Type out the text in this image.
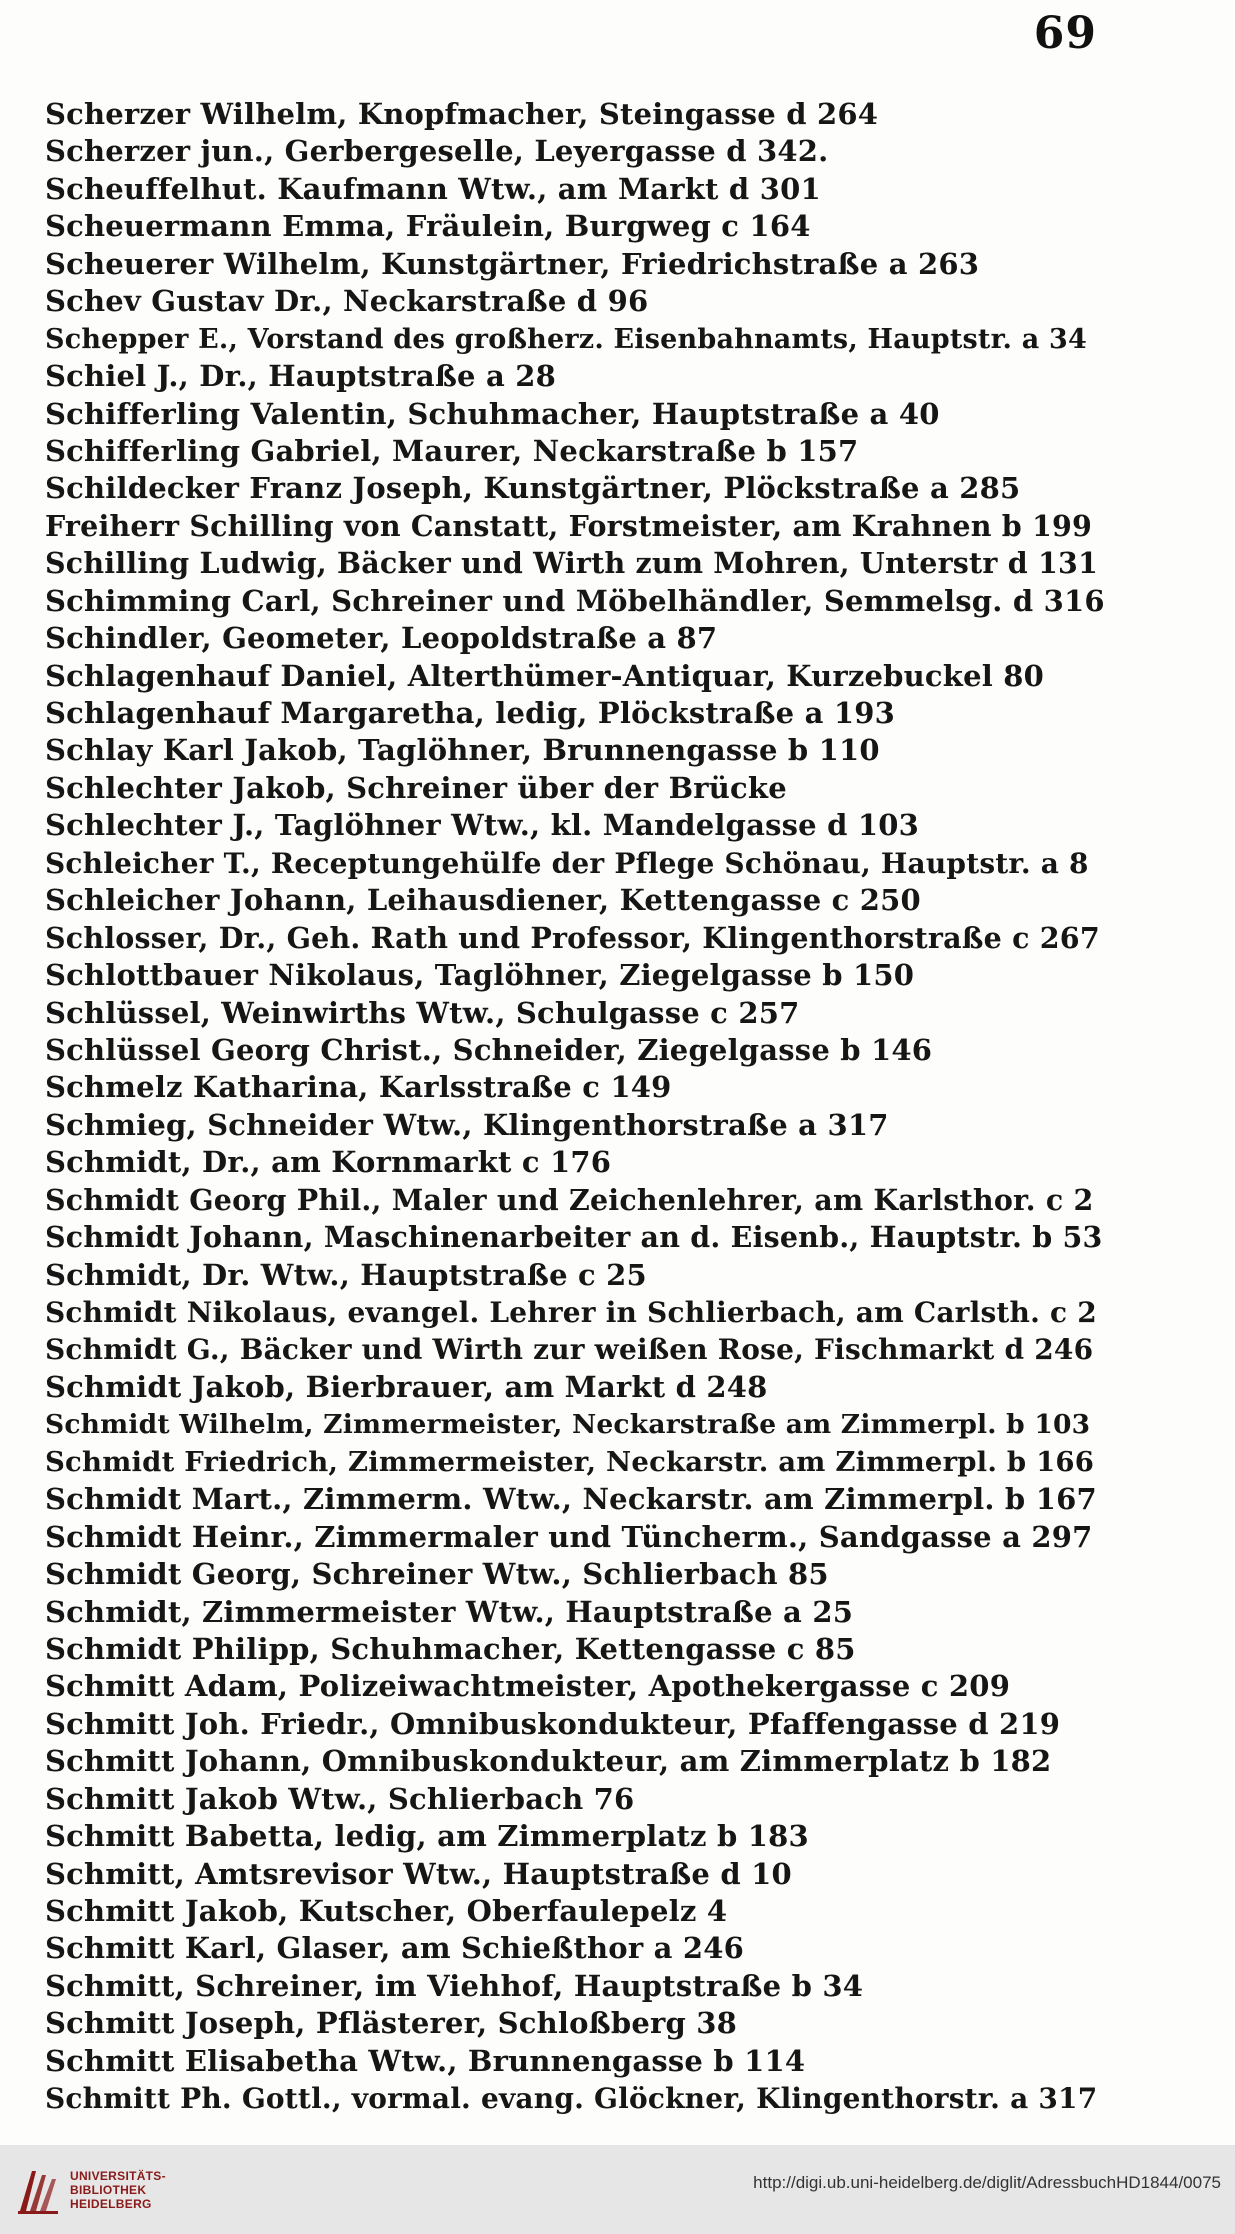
69
Scherzer Wilhelm, Knopfmacher, Steingasse d 264
Scherzer jun., Gerbergeselle, Leyergasse d 342.
Scheuffelhut. Kaufmann Wtw., am Markt d 301
Scheuermann Emma, Fräulein, Burgweg c 164
Scheuerer Wilhelm, Kunstgärtner, Friedrichstraße a 263
Schev Gustav Dr., Neckarstraße d 96
Schepper E., Vorstand des großherz. Eisenbahnamts, Hauptstr. a 34
Schiel J., Dr., Hauptstraße a 28
Schifferling Valentin, Schuhmacher, Hauptstraße a 40
Schifferling Gabriel, Maurer, Neckarstraße b 157
Schildecker Franz Joseph, Kunstgärtner, Plöckstraße a 285
Freiherr Schilling von Canstatt, Forstmeister, am Krahnen b 199
Schilling Ludwig, Bäcker und Wirth zum Mohren, Unterstr d 131
Schimming Carl, Schreiner und Möbelhändler, Semmelsg. d 316
Schindler, Geometer, Leopoldstraße a 87
Schlagenhauf Daniel, Alterthümer-Antiquar, Kurzebuckel 80
Schlagenhauf Margaretha, ledig, Plöckstraße a 193
Schlay Karl Jakob, Taglöhner, Brunnengasse b 110
Schlechter Jakob, Schreiner über der Brücke
Schlechter J., Taglöhner Wtw., kl. Mandelgasse d 103
Schleicher T., Receptungehülfe der Pflege Schönau, Hauptstr. a 8
Schleicher Johann, Leihausdiener, Kettengasse c 250
Schlosser, Dr., Geh. Rath und Professor, Klingenthorstraße c 267
Schlottbauer Nikolaus, Taglöhner, Ziegelgasse b 150
Schlüssel, Weinwirths Wtw., Schulgasse c 257
Schlüssel Georg Christ., Schneider, Ziegelgasse b 146
Schmelz Katharina, Karlsstraße c 149
Schmieg, Schneider Wtw., Klingenthorstraße a 317
Schmidt, Dr., am Kornmarkt c 176
Schmidt Georg Phil., Maler und Zeichenlehrer, am Karlsthor. c 2
Schmidt Johann, Maschinenarbeiter an d. Eisenb., Hauptstr. b 53
Schmidt, Dr. Wtw., Hauptstraße c 25
Schmidt Nikolaus, evangel. Lehrer in Schlierbach, am Carlsth. c 2
Schmidt G., Bäcker und Wirth zur weißen Rose, Fischmarkt d 246
Schmidt Jakob, Bierbrauer, am Markt d 248
Schmidt Wilhelm, Zimmermeister, Neckarstraße am Zimmerpl. b 103
Schmidt Friedrich, Zimmermeister, Neckarstr. am Zimmerpl. b 166
Schmidt Mart., Zimmerm. Wtw., Neckarstr. am Zimmerpl. b 167
Schmidt Heinr., Zimmermaler und Tüncherm., Sandgasse a 297
Schmidt Georg, Schreiner Wtw., Schlierbach 85
Schmidt, Zimmermeister Wtw., Hauptstraße a 25
Schmidt Philipp, Schuhmacher, Kettengasse c 85
Schmitt Adam, Polizeiwachtmeister, Apothekergasse c 209
Schmitt Joh. Friedr., Omnibuskondukteur, Pfaffengasse d 219
Schmitt Johann, Omnibuskondukteur, am Zimmerplatz b 182
Schmitt Jakob Wtw., Schlierbach 76
Schmitt Babetta, ledig, am Zimmerplatz b 183
Schmitt, Amtsrevisor Wtw., Hauptstraße d 10
Schmitt Jakob, Kutscher, Oberfaulepelz 4
Schmitt Karl, Glaser, am Schießthor a 246
Schmitt, Schreiner, im Viehhof, Hauptstraße b 34
Schmitt Joseph, Pflästerer, Schloßberg 38
Schmitt Elisabetha Wtw., Brunnengasse b 114
Schmitt Ph. Gottl., vormal. evang. Glöckner, Klingenthorstr. a 317
UNIVERSITÄTS-
BIBLIOTHEK
HEIDELBERG
http://digi.ub.uni-heidelberg.de/diglit/AdressbuchHD1844/0075
